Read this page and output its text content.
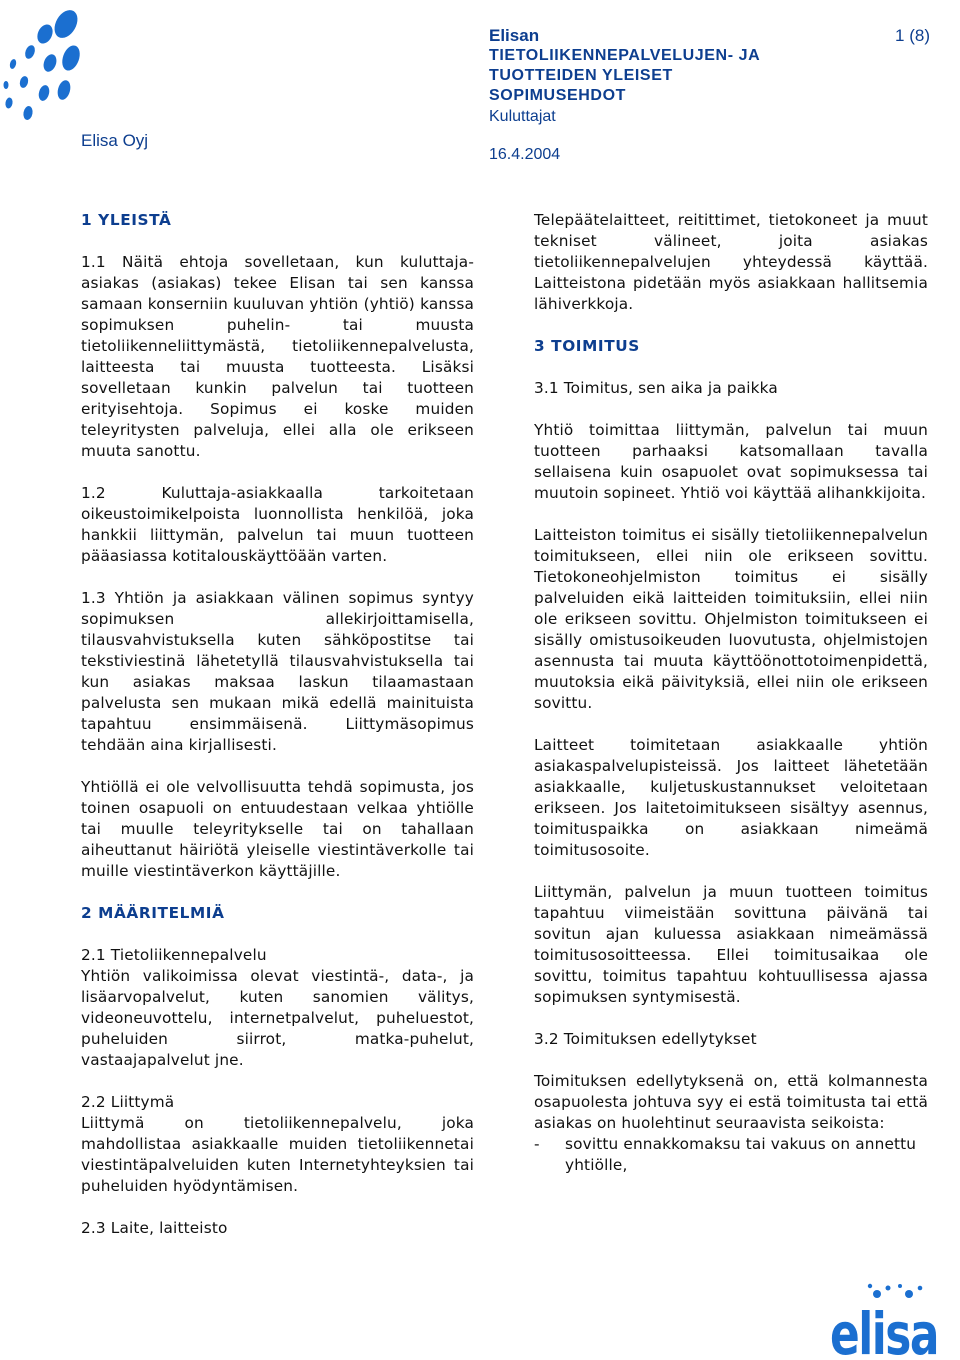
Elisa Oyj
Elisan
TIETOLIIKENNEPALVELUJEN- JA
TUOTTEIDEN YLEISET
SOPIMUSEHDOT
Kuluttajat
16.4.2004
1 (8)
1 YLEISTÄ

1.1 Näitä ehtoja sovelletaan, kun kuluttaja-asiakas (asiakas) tekee Elisan tai sen kanssa samaan konserniin kuuluvan yhtiön (yhtiö) kanssa sopimuksen puhelin- tai muusta tietoliikenneliittymästä, tietoliikennepalvelusta, laitteesta tai muusta tuotteesta. Lisäksi sovelletaan kunkin palvelun tai tuotteen erityisehtoja. Sopimus ei koske muiden teleyritysten palveluja, ellei alla ole erikseen muuta sanottu.

1.2 Kuluttaja-asiakkaalla tarkoitetaan oikeustoimikelpoista luonnollista henkilöä, joka hankkii liittymän, palvelun tai muun tuotteen pääasiassa kotitalouskäyttöään varten.

1.3 Yhtiön ja asiakkaan välinen sopimus syntyy sopimuksen allekirjoittamisella, tilausvahvistuksella kuten sähköpostitse tai tekstiviestinä lähetetyllä tilausvahvistuksella tai kun asiakas maksaa laskun tilaamastaan palvelusta sen mukaan mikä edellä mainituista tapahtuu ensimmäisenä. Liittymäsopimus tehdään aina kirjallisesti.

Yhtiöllä ei ole velvollisuutta tehdä sopimusta, jos toinen osapuoli on entuudestaan velkaa yhtiölle tai muulle teleyritykselle tai on tahallaan aiheuttanut häiriötä yleiselle viestintäverkolle tai muille viestintäverkon käyttäjille.

2 MÄÄRITELMIÄ
2.1 Tietoliikennepalvelu

Yhtiön valikoimissa olevat viestintä-, data-, ja lisäarvopalvelut, kuten sanomien välitys, videoneuvottelu, internetpalvelut, puheluestot, puheluiden siirrot, matka-puhelut, vastaajapalvelut jne.

2.2 Liittymä

Liittymä on tietoliikennepalvelu, joka mahdollistaa asiakkaalle muiden tietoliikennetai viestintäpalveluiden kuten Internetyhteyksien tai puheluiden hyödyntämisen.

2.3 Laite, laitteisto

Telepäätelaitteet, reitittimet, tietokoneet ja muut tekniset välineet, joita asiakas tietoliikennepalvelujen yhteydessä käyttää. Laitteistona pidetään myös asiakkaan hallitsemia lähiverkkoja.

3 TOIMITUS

3.1 Toimitus, sen aika ja paikka

Yhtiö toimittaa liittymän, palvelun tai muun tuotteen parhaaksi katsomallaan tavalla sellaisena kuin osapuolet ovat sopimuksessa tai muutoin sopineet. Yhtiö voi käyttää alihankkijoita.

Laitteiston toimitus ei sisälly tietoliikennepalvelun toimitukseen, ellei niin ole erikseen sovittu. Tietokoneohjelmiston toimitus ei sisälly palveluiden eikä laitteiden toimituksiin, ellei niin ole erikseen sovittu. Ohjelmiston toimitukseen ei sisälly omistusoikeuden luovutusta, ohjelmistojen asennusta tai muuta käyttöönottotoimenpidettä, muutoksia eikä päivityksiä, ellei niin ole erikseen sovittu.

Laitteet toimitetaan asiakkaalle yhtiön asiakaspalvelupisteissä. Jos laitteet lähetetään asiakkaalle, kuljetuskustannukset veloitetaan erikseen. Jos laitetoimitukseen sisältyy asennus, toimituspaikka on asiakkaan nimeämä toimitusosoite.

Liittymän, palvelun ja muun tuotteen toimitus tapahtuu viimeistään sovittuna päivänä tai sovitun ajan kuluessa asiakkaan nimeämässä toimitusosoitteessa. Ellei toimitusaikaa ole sovittu, toimitus tapahtuu kohtuullisessa ajassa sopimuksen syntymisestä.

3.2 Toimituksen edellytykset

Toimituksen edellytyksenä on, että kolmannesta osapuolesta johtuva syy ei estä toimitusta tai että asiakas on huolehtinut seuraavista seikoista:

-	sovittu ennakkomaksu tai vakuus on annettu yhtiölle,
elisa
